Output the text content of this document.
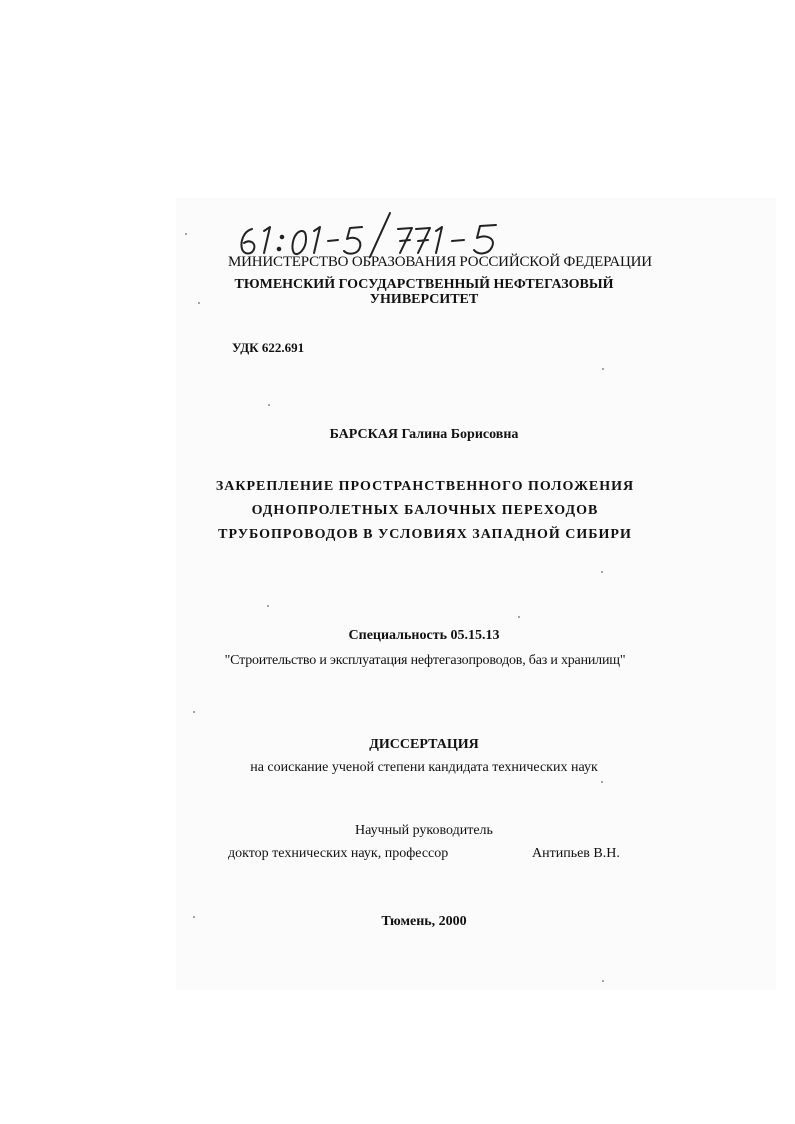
МИНИСТЕРСТВО ОБРАЗОВАНИЯ РОССИЙСКОЙ ФЕДЕРАЦИИ
ТЮМЕНСКИЙ ГОСУДАРСТВЕННЫЙ НЕФТЕГАЗОВЫЙ
УНИВЕРСИТЕТ
УДК 622.691
БАРСКАЯ Галина Борисовна
ЗАКРЕПЛЕНИЕ ПРОСТРАНСТВЕННОГО ПОЛОЖЕНИЯ
ОДНОПРОЛЕТНЫХ БАЛОЧНЫХ ПЕРЕХОДОВ
ТРУБОПРОВОДОВ В УСЛОВИЯХ ЗАПАДНОЙ СИБИРИ
Специальность 05.15.13
"Строительство и эксплуатация нефтегазопроводов, баз и хранилищ"
ДИССЕРТАЦИЯ
на соискание ученой степени кандидата технических наук
Научный руководитель
доктор технических наук, профессор	Антипьев В.Н.
Тюмень, 2000
